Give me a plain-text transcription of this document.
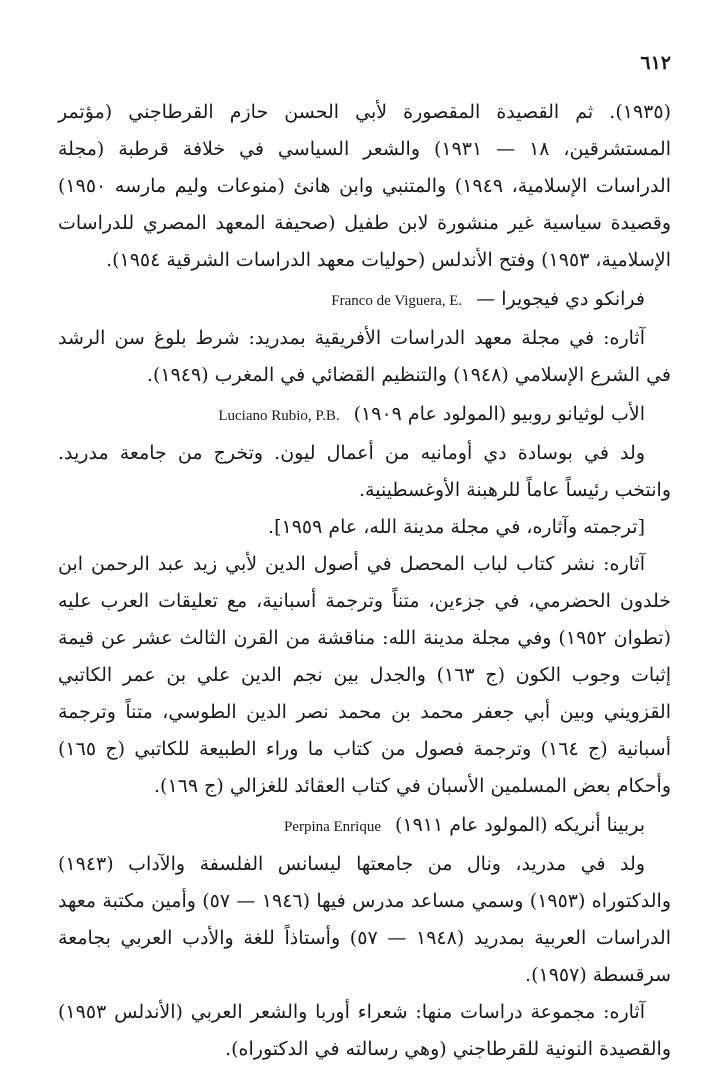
٦١٢

(١٩٣٥). ثم القصيدة المقصورة لأبي الحسن حازم القرطاجني (مؤتمر المستشرقين، ١٨ — ١٩٣١) والشعر السياسي في خلافة قرطبة (مجلة الدراسات الإسلامية، ١٩٤٩) والمتنبي وابن هانئ (منوعات وليم مارسه ١٩٥٠) وقصيدة سياسية غير منشورة لابن طفيل (صحيفة المعهد المصري للدراسات الإسلامية، ١٩٥٣) وفتح الأندلس (حوليات معهد الدراسات الشرقية ١٩٥٤).

فرانكو دي فيجويرا —
Franco de Viguera, E.

آثاره: في مجلة معهد الدراسات الأفريقية بمدريد: شرط بلوغ سن الرشد في الشرع الإسلامي (١٩٤٨) والتنظيم القضائي في المغرب (١٩٤٩).

الأب لوثيانو روبيو (المولود عام ١٩٠٩)
Luciano Rubio, P.B.

ولد في بوسادة دي أومانيه من أعمال ليون. وتخرج من جامعة مدريد. وانتخب رئيساً عاماً للرهبنة الأوغسطينية.

[ترجمته وآثاره، في مجلة مدينة الله، عام ١٩٥٩].

آثاره: نشر كتاب لباب المحصل في أصول الدين لأبي زيد عبد الرحمن ابن خلدون الحضرمي، في جزءين، متناً وترجمة أسبانية، مع تعليقات العرب عليه (تطوان ١٩٥٢) وفي مجلة مدينة الله: مناقشة من القرن الثالث عشر عن قيمة إثبات وجوب الكون (ج ١٦٣) والجدل بين نجم الدين علي بن عمر الكاتبي القزويني وبين أبي جعفر محمد بن محمد نصر الدين الطوسي، متناً وترجمة أسبانية (ج ١٦٤) وترجمة فصول من كتاب ما وراء الطبيعة للكاتبي (ج ١٦٥) وأحكام بعض المسلمين الأسبان في كتاب العقائد للغزالي (ج ١٦٩).

بربينا أنريكه (المولود عام ١٩١١)
Perpina Enrique

ولد في مدريد، ونال من جامعتها ليسانس الفلسفة والآداب (١٩٤٣) والدكتوراه (١٩٥٣) وسمي مساعد مدرس فيها (١٩٤٦ — ٥٧) وأمين مكتبة معهد الدراسات العربية بمدريد (١٩٤٨ — ٥٧) وأستاذاً للغة والأدب العربي بجامعة سرقسطة (١٩٥٧).

آثاره: مجموعة دراسات منها: شعراء أوربا والشعر العربي (الأندلس ١٩٥٣) والقصيدة النونية للقرطاجني (وهي رسالته في الدكتوراه).
